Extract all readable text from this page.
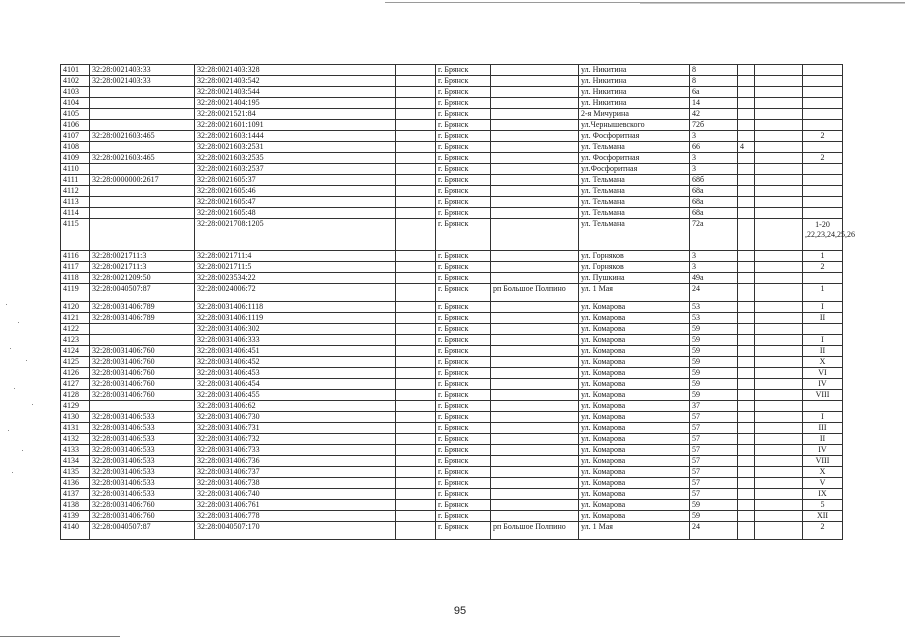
4101	32:28:0021403:33	32:28:0021403:328		г. Брянск		ул. Никитина	8			
4102	32:28:0021403:33	32:28:0021403:542		г. Брянск		ул. Никитина	8			
4103		32:28:0021403:544		г. Брянск		ул. Никитина	6а			
4104		32:28:0021404:195		г. Брянск		ул. Никитина	14			
4105		32:28:0021521:84		г. Брянск		2-я Мичурина	42			
4106		32:28:0021601:1091		г. Брянск		ул.Чернышевского	72б			
4107	32:28:0021603:465	32:28:0021603:1444		г. Брянск		ул. Фосфоритная	3			2
4108		32:28:0021603:2531		г. Брянск		ул. Тельмана	66	4		
4109	32:28:0021603:465	32:28:0021603:2535		г. Брянск		ул. Фосфоритная	3			2
4110		32:28:0021603:2537		г. Брянск		ул.Фосфоритная	3			
4111	32:28:0000000:2617	32:28:0021605:37		г. Брянск		ул. Тельмана	68б			
4112		32:28:0021605:46		г. Брянск		ул. Тельмана	68а			
4113		32:28:0021605:47		г. Брянск		ул. Тельмана	68а			
4114		32:28:0021605:48		г. Брянск		ул. Тельмана	68а			
4115		32:28:0021708:1205		г. Брянск		ул. Тельмана	72а			1-20 ,22,23,24,25,26
4116	32:28:0021711:3	32:28:0021711:4		г. Брянск		ул. Горняков	3			1
4117	32:28:0021711:3	32:28:0021711:5		г. Брянск		ул. Горняков	3			2
4118	32:28:0021209:50	32:28:0023534:22		г. Брянск		ул. Пушкина	49а			
4119	32:28:0040507:87	32:28:0024006:72		г. Брянск	рп Большое Полпино	ул. 1 Мая	24			1
4120	32:28:0031406:789	32:28:0031406:1118		г. Брянск		ул. Комарова	53			I
4121	32:28:0031406:789	32:28:0031406:1119		г. Брянск		ул. Комарова	53			II
4122		32:28:0031406:302		г. Брянск		ул. Комарова	59			
4123		32:28:0031406:333		г. Брянск		ул. Комарова	59			I
4124	32:28:0031406:760	32:28:0031406:451		г. Брянск		ул. Комарова	59			II
4125	32:28:0031406:760	32:28:0031406:452		г. Брянск		ул. Комарова	59			X
4126	32:28:0031406:760	32:28:0031406:453		г. Брянск		ул. Комарова	59			VI
4127	32:28:0031406:760	32:28:0031406:454		г. Брянск		ул. Комарова	59			IV
4128	32:28:0031406:760	32:28:0031406:455		г. Брянск		ул. Комарова	59			VIII
4129		32:28:0031406:62		г. Брянск		ул. Комарова	37			
4130	32:28:0031406:533	32:28:0031406:730		г. Брянск		ул. Комарова	57			I
4131	32:28:0031406:533	32:28:0031406:731		г. Брянск		ул. Комарова	57			III
4132	32:28:0031406:533	32:28:0031406:732		г. Брянск		ул. Комарова	57			II
4133	32:28:0031406:533	32:28:0031406:733		г. Брянск		ул. Комарова	57			IV
4134	32:28:0031406:533	32:28:0031406:736		г. Брянск		ул. Комарова	57			VIII
4135	32:28:0031406:533	32:28:0031406:737		г. Брянск		ул. Комарова	57			X
4136	32:28:0031406:533	32:28:0031406:738		г. Брянск		ул. Комарова	57			V
4137	32:28:0031406:533	32:28:0031406:740		г. Брянск		ул. Комарова	57			IX
4138	32:28:0031406:760	32:28:0031406:761		г. Брянск		ул. Комарова	59			5
4139	32:28:0031406:760	32:28:0031406:778		г. Брянск		ул. Комарова	59			XII
4140	32:28:0040507:87	32:28:0040507:170		г. Брянск	рп Большое Полпино	ул. 1 Мая	24			2
95
